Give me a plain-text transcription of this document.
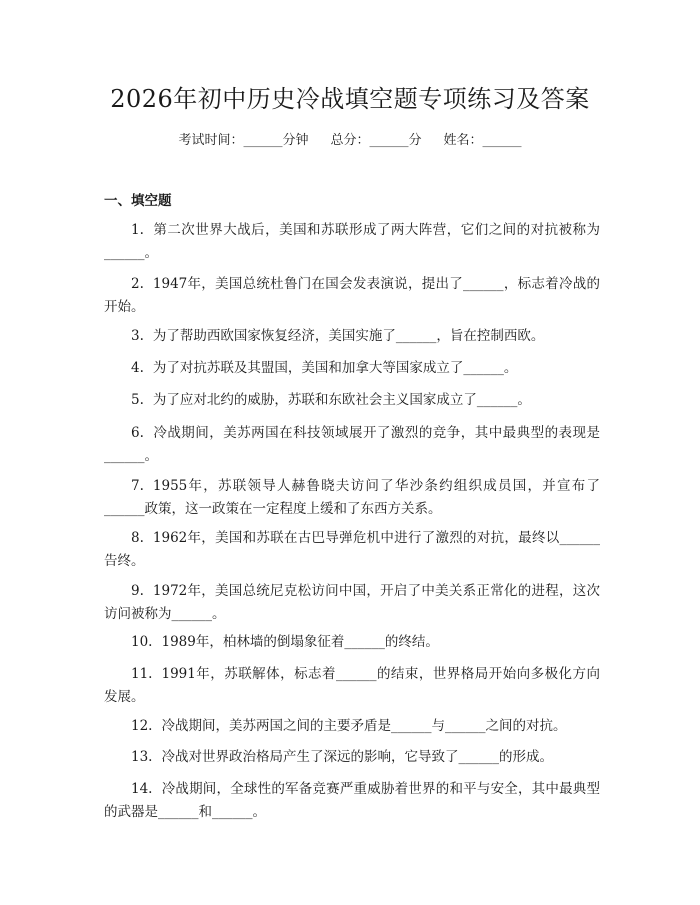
2026年初中历史冷战填空题专项练习及答案
考试时间：______分钟 总分：______分 姓名：______
一、填空题
1. 第二次世界大战后，美国和苏联形成了两大阵营，它们之间的对抗被称为______。
2. 1947年，美国总统杜鲁门在国会发表演说，提出了______，标志着冷战的开始。
3. 为了帮助西欧国家恢复经济，美国实施了______，旨在控制西欧。
4. 为了对抗苏联及其盟国，美国和加拿大等国家成立了______。
5. 为了应对北约的威胁，苏联和东欧社会主义国家成立了______。
6. 冷战期间，美苏两国在科技领域展开了激烈的竞争，其中最典型的表现是______。
7. 1955年，苏联领导人赫鲁晓夫访问了华沙条约组织成员国，并宣布了______政策，这一政策在一定程度上缓和了东西方关系。
8. 1962年，美国和苏联在古巴导弹危机中进行了激烈的对抗，最终以______告终。
9. 1972年，美国总统尼克松访问中国，开启了中美关系正常化的进程，这次访问被称为______。
10. 1989年，柏林墙的倒塌象征着______的终结。
11. 1991年，苏联解体，标志着______的结束，世界格局开始向多极化方向发展。
12. 冷战期间，美苏两国之间的主要矛盾是______与______之间的对抗。
13. 冷战对世界政治格局产生了深远的影响，它导致了______的形成。
14. 冷战期间，全球性的军备竞赛严重威胁着世界的和平与安全，其中最典型的武器是______和______。
